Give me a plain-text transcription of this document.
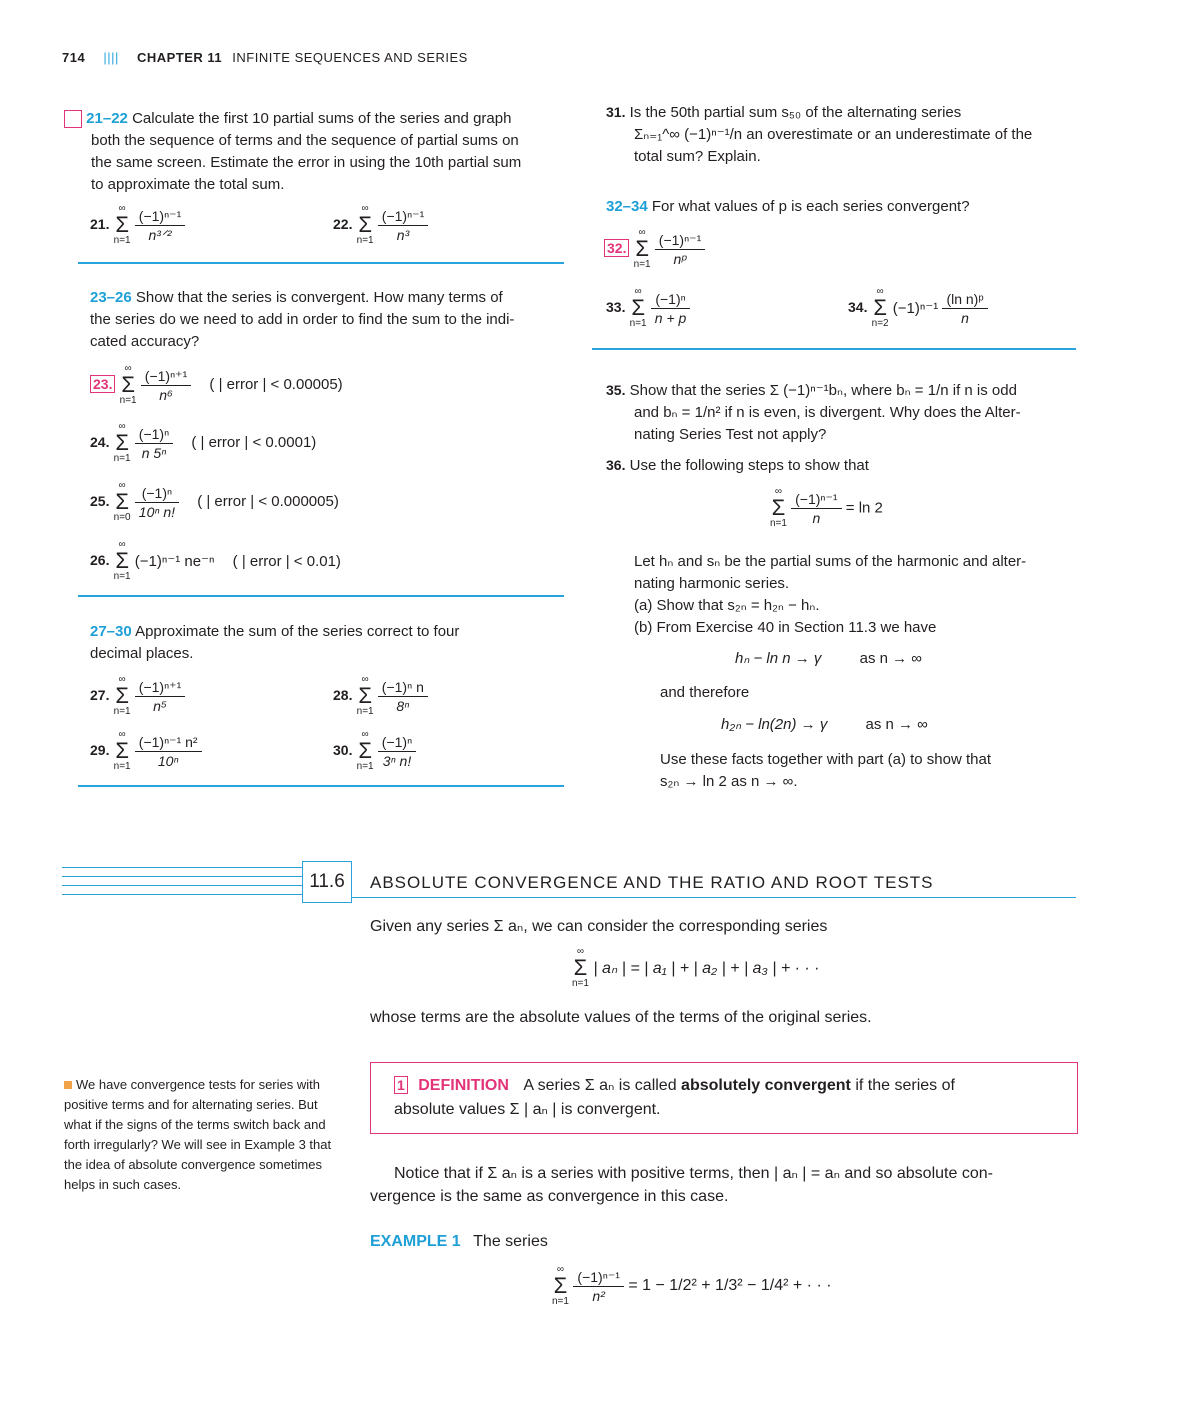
714 |||| CHAPTER 11 INFINITE SEQUENCES AND SERIES
21–22 Calculate the first 10 partial sums of the series and graph
both the sequence of terms and the sequence of partial sums on
the same screen. Estimate the error in using the 10th partial sum
to approximate the total sum.
21. ∞
Σ
$n=1 \frac{\text{(−1)ⁿ⁻¹}}{\text{n³ᐟ²}}$	22. ∞
Σ
$n=1 \frac{\text{(−1)ⁿ⁻¹}}{\text{n³}}$
23–26 Show that the series is convergent. How many terms of
the series do we need to add in order to find the sum to the indi-
cated accuracy?
23. ∞
Σ
$n=1 \frac{\text{(−1)ⁿ⁺¹}}{\text{n⁶}}$ ( | error | < 0.00005)
24. ∞
Σ
$n=1 \frac{\text{(−1)ⁿ}}{\text{n 5ⁿ}}$ ( | error | < 0.0001)
25. ∞
Σ
$n=0 \frac{\text{(−1)ⁿ}}{\text{10ⁿ n!}}$ ( | error | < 0.000005)
26. ∞
Σ
n=1 (−1)ⁿ⁻¹ ne⁻ⁿ ( | error | < 0.01)
27–30 Approximate the sum of the series correct to four
decimal places.
27. ∞
Σ
$n=1 \frac{\text{(−1)ⁿ⁺¹}}{\text{n⁵}}$	28. ∞
Σ
$n=1 \frac{\text{(−1)ⁿ n}}{\text{8ⁿ}}$
29. ∞
Σ
$n=1 \frac{\text{(−1)ⁿ⁻¹ n²}}{\text{10ⁿ}}$	30. ∞
Σ
$n=1 \frac{\text{(−1)ⁿ}}{\text{3ⁿ n!}}$
31. Is the 50th partial sum s₅₀ of the alternating series
Σₙ₌₁^∞ (−1)ⁿ⁻¹/n an overestimate or an underestimate of the
total sum? Explain.
32–34 For what values of p is each series convergent?
32. ∞
Σ
$n=1 \frac{\text{(−1)ⁿ⁻¹}}{\text{nᵖ}}$
33. ∞
Σ
$n=1 \frac{\text{(−1)ⁿ}}{n + p}$	34. ∞
Σ
n=2 $(-1)^{n-1} \frac{\text{(ln n)ᵖ}}{n}$
35. Show that the series Σ (−1)ⁿ⁻¹bₙ, where bₙ = 1/n if n is odd
and bₙ = 1/n² if n is even, is divergent. Why does the Alter-
nating Series Test not apply?
36. Use the following steps to show that
∞
Σ
$n=1 \frac{\text{(−1)ⁿ⁻¹}}{n} = \ln 2$
Let hₙ and sₙ be the partial sums of the harmonic and alter-
nating harmonic series.
(a) Show that s₂ₙ = h₂ₙ − hₙ.
(b) From Exercise 40 in Section 11.3 we have
hₙ − ln n → γ	as n → ∞
and therefore
h₂ₙ − ln(2n) → γ	as n → ∞
Use these facts together with part (a) to show that
s₂ₙ → ln 2 as n → ∞.
11.6 ABSOLUTE CONVERGENCE AND THE RATIO AND ROOT TESTS
Given any series Σ aₙ, we can consider the corresponding series
∞
Σ
n=1 | aₙ | = | a₁ | + | a₂ | + | a₃ | + · · ·
whose terms are the absolute values of the terms of the original series.
We have convergence tests for series with
positive terms and for alternating series. But
what if the signs of the terms switch back and
forth irregularly? We will see in Example 3 that
the idea of absolute convergence sometimes
helps in such cases.
1 DEFINITION A series Σ aₙ is called absolutely convergent if the series of
absolute values Σ | aₙ | is convergent.
Notice that if Σ aₙ is a series with positive terms, then | aₙ | = aₙ and so absolute con-
vergence is the same as convergence in this case.
EXAMPLE 1 The series
∞
Σ
$n=1 \frac{\text{(−1)ⁿ⁻¹}}{\text{n²}} = 1 - 1/2^2 + 1/3^2 - 1/4^2$ + · · ·
